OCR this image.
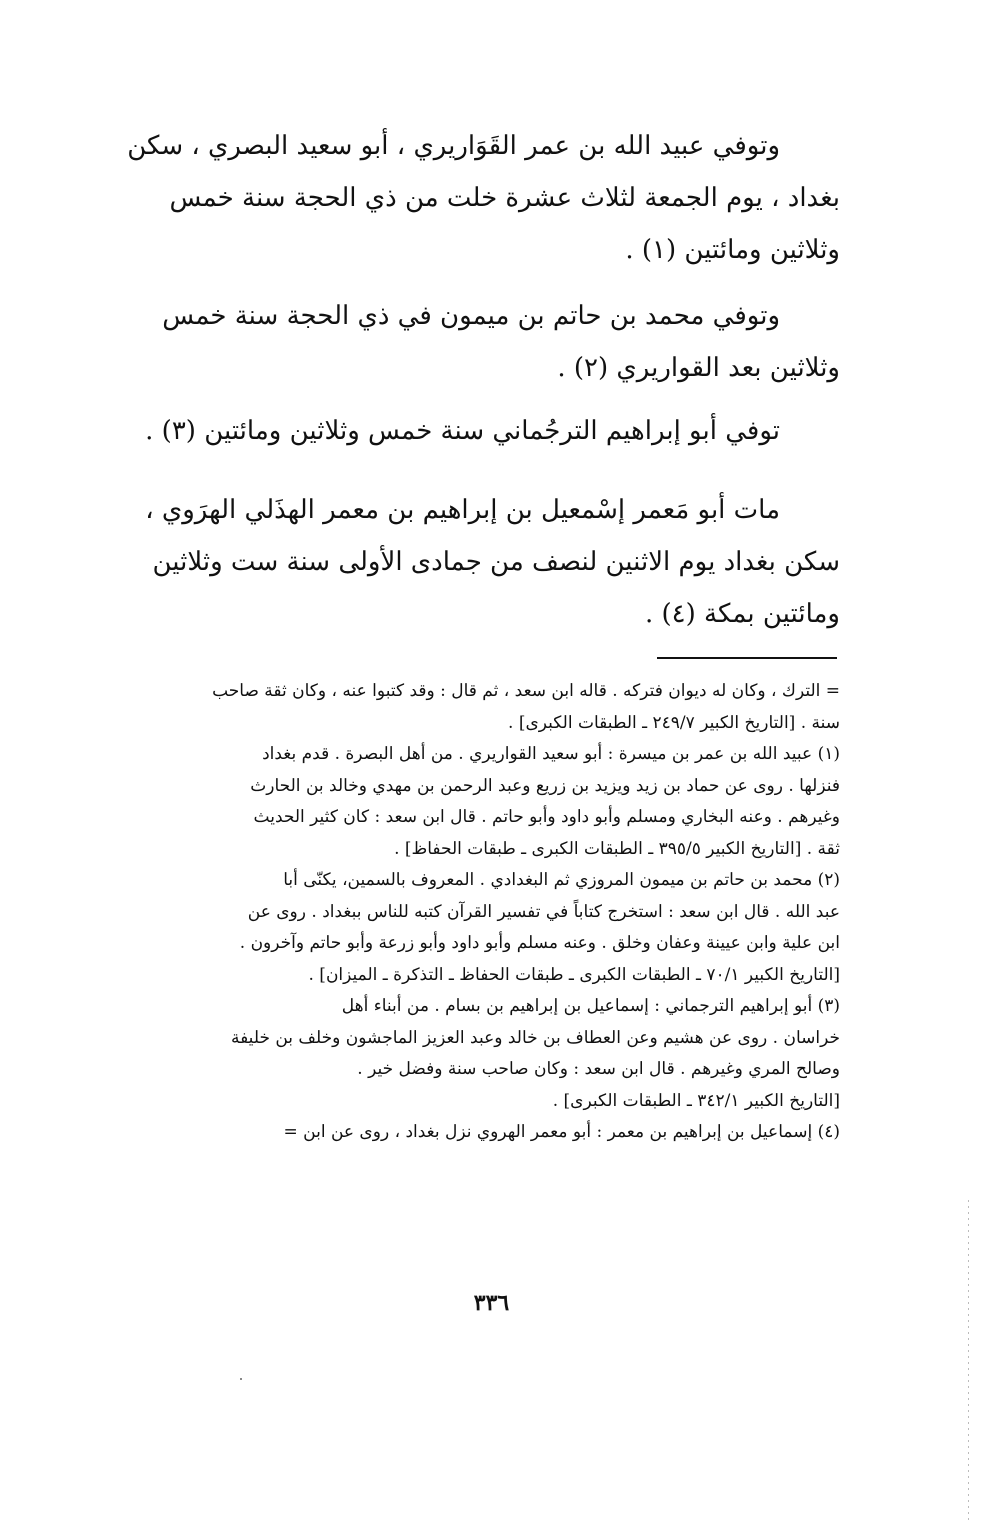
وتوفي عبيد الله بن عمر القَوَاريري ، أبو سعيد البصري ، سكن
بغداد ، يوم الجمعة لثلاث عشرة خلت من ذي الحجة سنة خمس
وثلاثين ومائتين (١) .
وتوفي محمد بن حاتم بن ميمون في ذي الحجة سنة خمس
وثلاثين بعد القواريري (٢) .
توفي أبو إبراهيم الترجُماني سنة خمس وثلاثين ومائتين (٣) .
مات أبو مَعمر إسْمعيل بن إبراهيم بن معمر الهذَلي الهرَوي ،
سكن بغداد يوم الاثنين لنصف من جمادى الأولى سنة ست وثلاثين
ومائتين بمكة (٤) .
= الترك ، وكان له ديوان فتركه . قاله ابن سعد ، ثم قال : وقد كتبوا عنه ، وكان ثقة صاحب
سنة . [التاريخ الكبير ٢٤٩/٧ ـ الطبقات الكبرى] .
(١) عبيد الله بن عمر بن ميسرة : أبو سعيد القواريري . من أهل البصرة . قدم بغداد
فنزلها . روى عن حماد بن زيد ويزيد بن زريع وعبد الرحمن بن مهدي وخالد بن الحارث
وغيرهم . وعنه البخاري ومسلم وأبو داود وأبو حاتم . قال ابن سعد : كان كثير الحديث
ثقة . [التاريخ الكبير ٣٩٥/٥ ـ الطبقات الكبرى ـ طبقات الحفاظ] .
(٢) محمد بن حاتم بن ميمون المروزي ثم البغدادي . المعروف بالسمين، يكنّى أبا
عبد الله . قال ابن سعد : استخرج كتاباً في تفسير القرآن كتبه للناس ببغداد . روى عن
ابن علية وابن عيينة وعفان وخلق . وعنه مسلم وأبو داود وأبو زرعة وأبو حاتم وآخرون .
[التاريخ الكبير ٧٠/١ ـ الطبقات الكبرى ـ طبقات الحفاظ ـ التذكرة ـ الميزان] .
(٣) أبو إبراهيم الترجماني : إسماعيل بن إبراهيم بن بسام . من أبناء أهل
خراسان . روى عن هشيم وعن العطاف بن خالد وعبد العزيز الماجشون وخلف بن خليفة
وصالح المري وغيرهم . قال ابن سعد : وكان صاحب سنة وفضل خير .
[التاريخ الكبير ٣٤٢/١ ـ الطبقات الكبرى] .
(٤) إسماعيل بن إبراهيم بن معمر : أبو معمر الهروي نزل بغداد ، روى عن ابن =
٣٣٦
